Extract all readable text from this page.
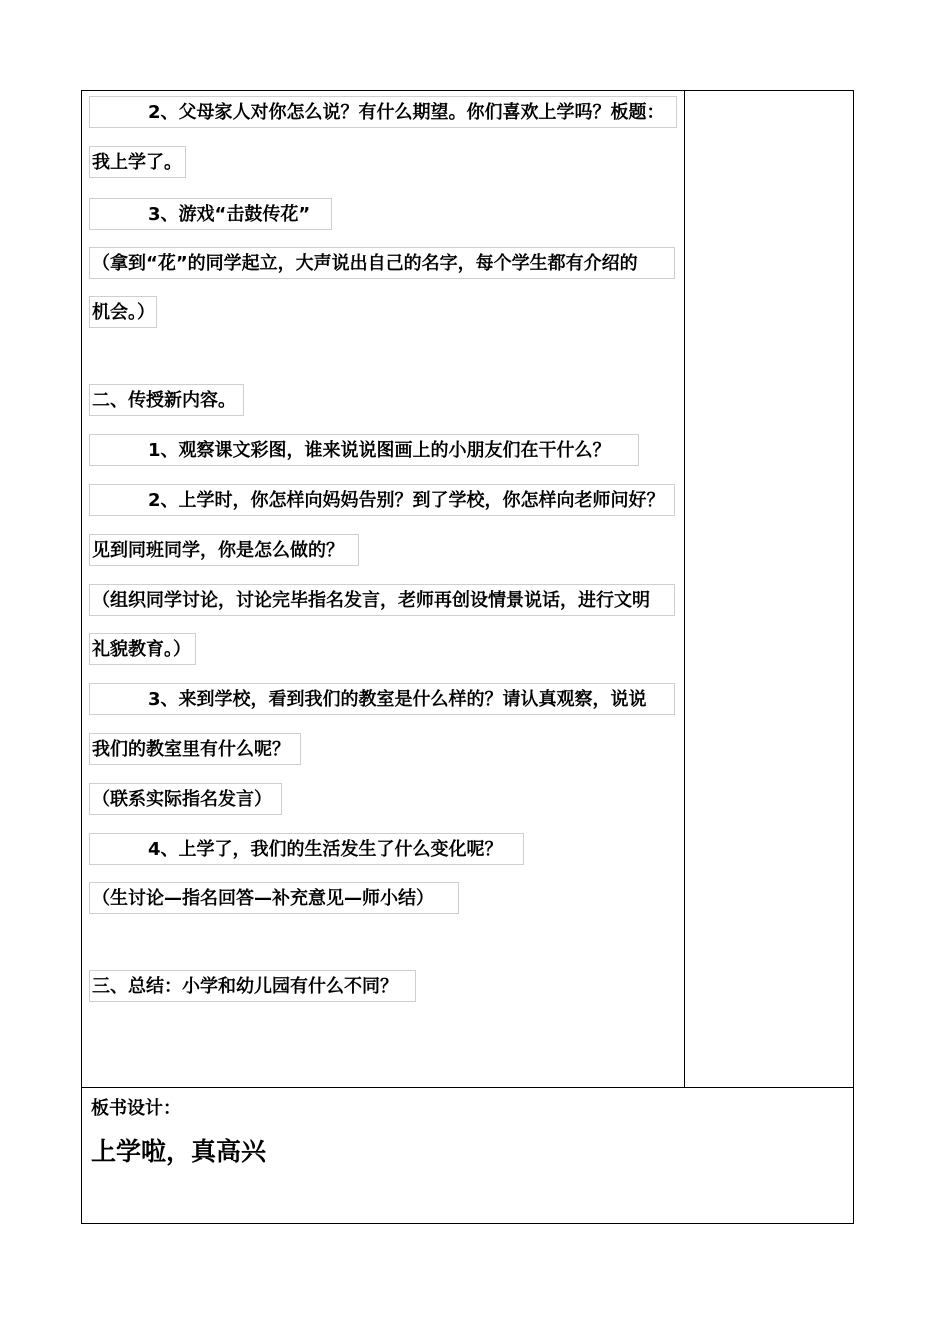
2、父母家人对你怎么说？有什么期望。你们喜欢上学吗？板题：
我上学了。
3、游戏“击鼓传花”
（拿到“花”的同学起立，大声说出自己的名字，每个学生都有介绍的
机会。）
二、传授新内容。
1、观察课文彩图，谁来说说图画上的小朋友们在干什么？
2、上学时，你怎样向妈妈告别？到了学校，你怎样向老师问好？
见到同班同学，你是怎么做的？
（组织同学讨论，讨论完毕指名发言，老师再创设情景说话，进行文明
礼貌教育。）
3、来到学校，看到我们的教室是什么样的？请认真观察，说说
我们的教室里有什么呢？
（联系实际指名发言）
4、上学了，我们的生活发生了什么变化呢？
（生讨论—指名回答—补充意见—师小结）
三、总结：小学和幼儿园有什么不同？
板书设计：
上学啦，真高兴
